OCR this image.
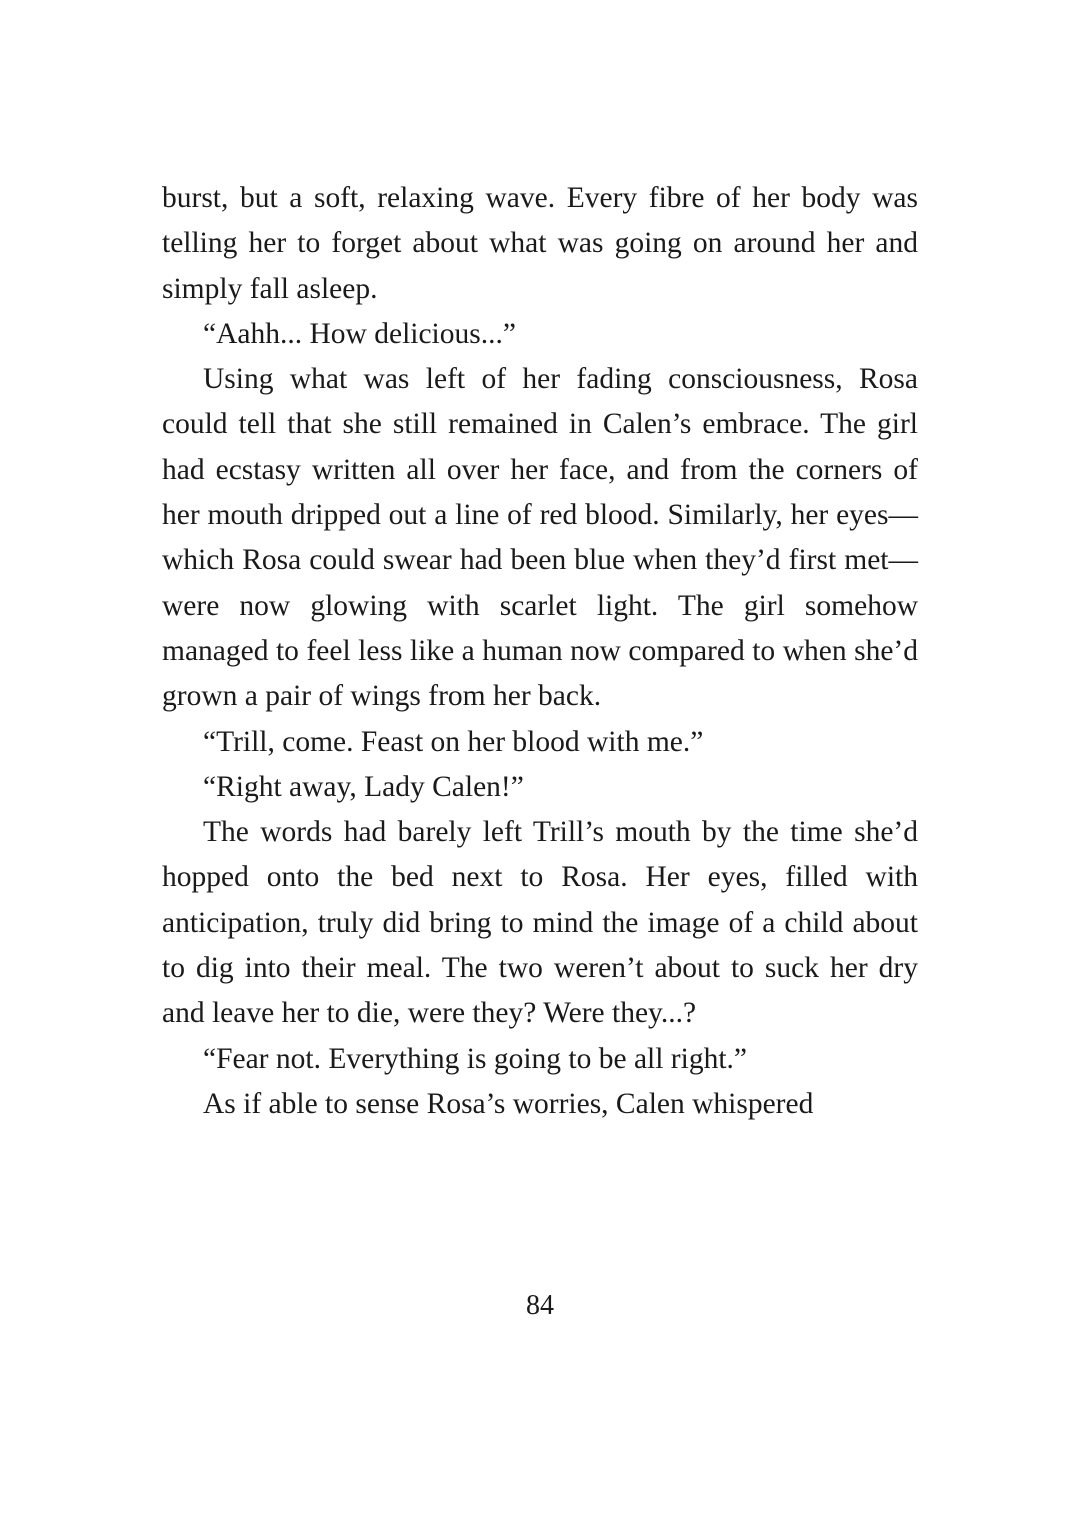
burst, but a soft, relaxing wave. Every fibre of her body was telling her to forget about what was going on around her and simply fall asleep.

“Aahh... How delicious...”

Using what was left of her fading consciousness, Rosa could tell that she still remained in Calen’s embrace. The girl had ecstasy written all over her face, and from the corners of her mouth dripped out a line of red blood. Similarly, her eyes—which Rosa could swear had been blue when they’d first met—were now glowing with scarlet light. The girl somehow managed to feel less like a human now compared to when she’d grown a pair of wings from her back.

“Trill, come. Feast on her blood with me.”

“Right away, Lady Calen!”

The words had barely left Trill’s mouth by the time she’d hopped onto the bed next to Rosa. Her eyes, filled with anticipation, truly did bring to mind the image of a child about to dig into their meal. The two weren’t about to suck her dry and leave her to die, were they? Were they...?

“Fear not. Everything is going to be all right.”

As if able to sense Rosa’s worries, Calen whispered

84
